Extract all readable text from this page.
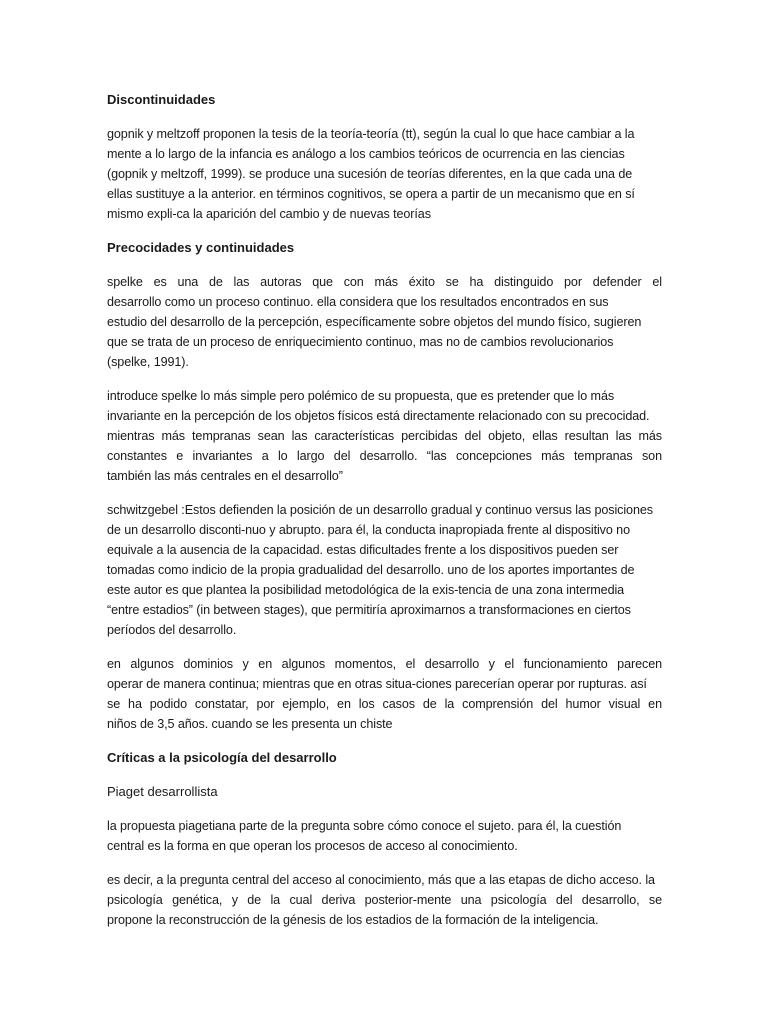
Discontinuidades
gopnik y meltzoff proponen la tesis de la teoría-teoría (tt), según la cual lo que hace cambiar a la
mente a lo largo de la infancia es análogo a los cambios teóricos de ocurrencia en las ciencias
(gopnik y meltzoff, 1999). se produce una sucesión de teorías diferentes, en la que cada una de
ellas sustituye a la anterior. en términos cognitivos, se opera a partir de un mecanismo que en sí
mismo expli-ca la aparición del cambio y de nuevas teorías
Precocidades y continuidades
spelke es una de las autoras que con más éxito se ha distinguido por defender el
desarrollo como un proceso continuo. ella considera que los resultados encontrados en sus
estudio del desarrollo de la percepción, específicamente sobre objetos del mundo físico, sugieren
que se trata de un proceso de enriquecimiento continuo, mas no de cambios revolucionarios
(spelke, 1991).
introduce spelke lo más simple pero polémico de su propuesta, que es pretender que lo más
invariante en la percepción de los objetos físicos está directamente relacionado con su precocidad.
mientras más tempranas sean las características percibidas del objeto, ellas resultan las más
constantes e invariantes a lo largo del desarrollo. “las concepciones más tempranas son
también las más centrales en el desarrollo”
schwitzgebel :Estos defienden la posición de un desarrollo gradual y continuo versus las posiciones
de un desarrollo disconti-nuo y abrupto. para él, la conducta inapropiada frente al dispositivo no
equivale a la ausencia de la capacidad. estas dificultades frente a los dispositivos pueden ser
tomadas como indicio de la propia gradualidad del desarrollo. uno de los aportes importantes de
este autor es que plantea la posibilidad metodológica de la exis-tencia de una zona intermedia
“entre estadios” (in between stages), que permitiría aproximarnos a transformaciones en ciertos
períodos del desarrollo.
en algunos dominios y en algunos momentos, el desarrollo y el funcionamiento parecen
operar de manera continua; mientras que en otras situa-ciones parecerían operar por rupturas. así
se ha podido constatar, por ejemplo, en los casos de la comprensión del humor visual en
niños de 3,5 años. cuando se les presenta un chiste
Críticas a la psicología del desarrollo
Piaget desarrollista
la propuesta piagetiana parte de la pregunta sobre cómo conoce el sujeto. para él, la cuestión
central es la forma en que operan los procesos de acceso al conocimiento.
es decir, a la pregunta central del acceso al conocimiento, más que a las etapas de dicho acceso. la
psicología genética, y de la cual deriva posterior-mente una psicología del desarrollo, se
propone la reconstrucción de la génesis de los estadios de la formación de la inteligencia.
